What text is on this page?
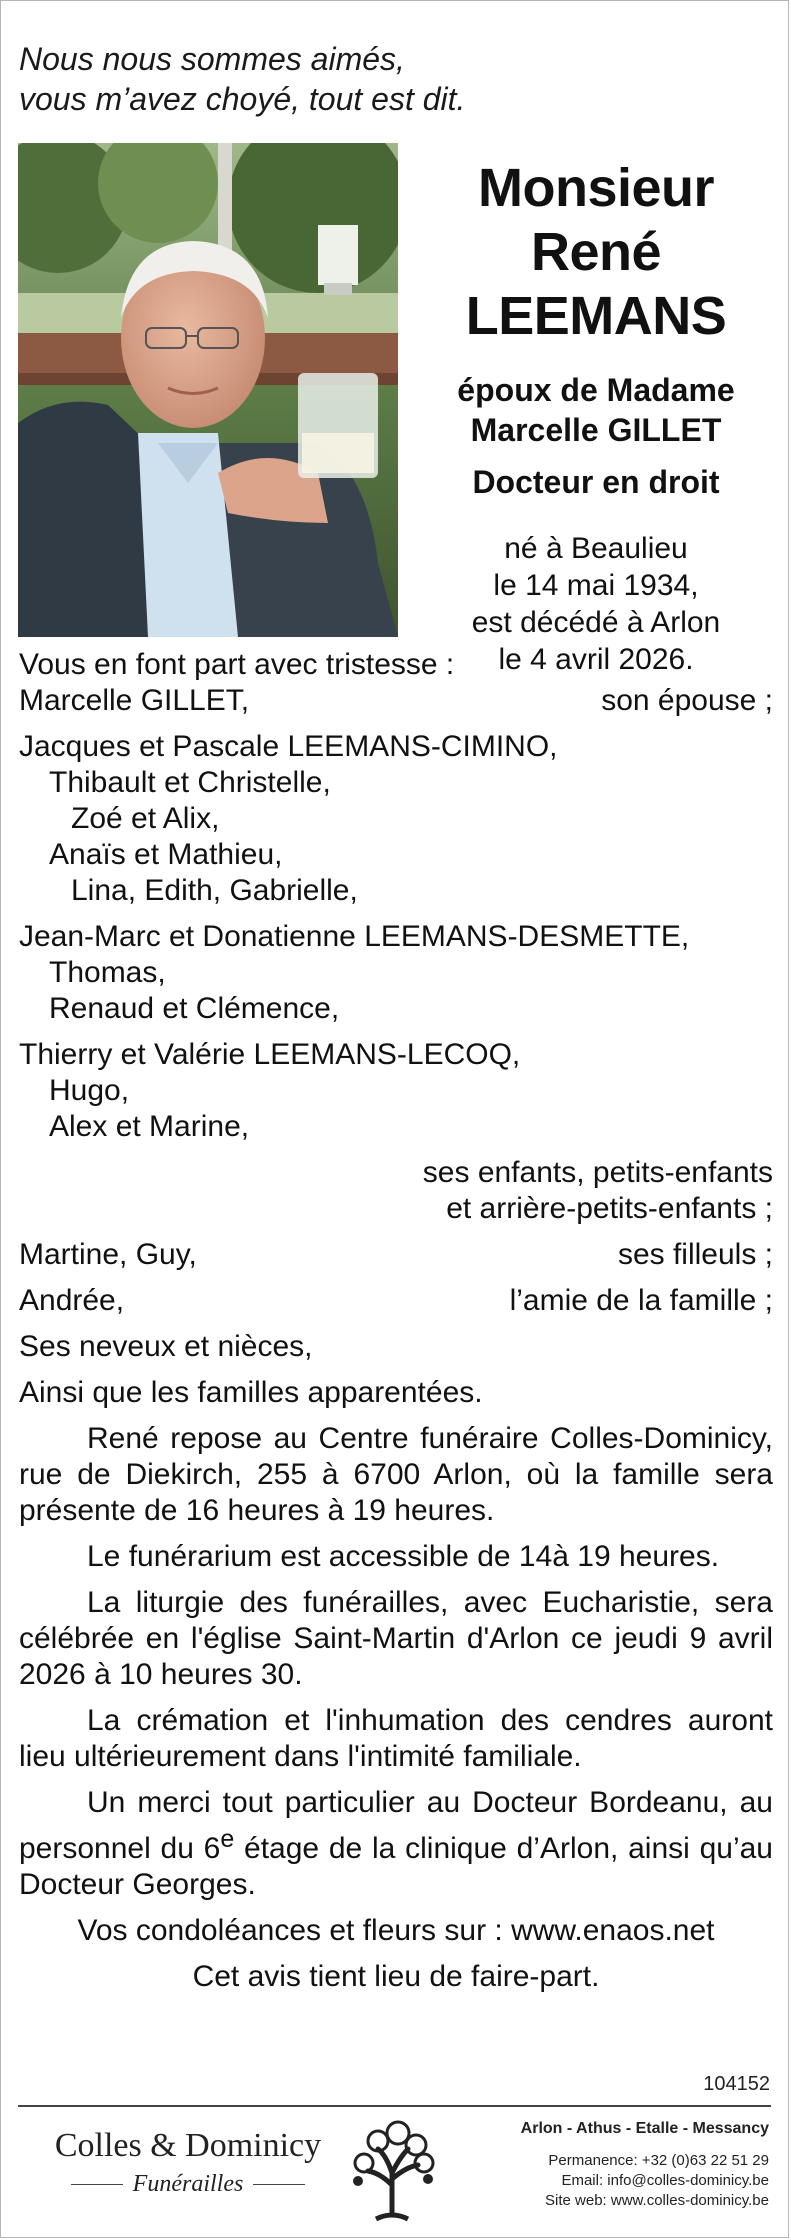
Nous nous sommes aimés,
vous m’avez choyé, tout est dit.
Monsieur
René LEEMANS
époux de Madame
Marcelle GILLET
Docteur en droit
né à Beaulieu
le 14 mai 1934,
est décédé à Arlon
le 4 avril 2026.
Vous en font part avec tristesse :
Marcelle GILLET,	son épouse ;
Jacques et Pascale LEEMANS-CIMINO,
Thibault et Christelle,
Zoé et Alix,
Anaïs et Mathieu,
Lina, Edith, Gabrielle,
Jean-Marc et Donatienne LEEMANS-DESMETTE,
Thomas,
Renaud et Clémence,
Thierry et Valérie LEEMANS-LECOQ,
Hugo,
Alex et Marine,
ses enfants, petits-enfants
et arrière-petits-enfants ;
Martine, Guy,	ses filleuls ;
Andrée,	l’amie de la famille ;
Ses neveux et nièces,
Ainsi que les familles apparentées.
René repose au Centre funéraire Colles-Dominicy, rue de Diekirch, 255 à 6700 Arlon, où la famille sera présente de 16 heures à 19 heures.
Le funérarium est accessible de 14à 19 heures.
La liturgie des funérailles, avec Eucharistie, sera célébrée en l'église Saint-Martin d'Arlon ce jeudi 9 avril 2026 à 10 heures 30.
La crémation et l'inhumation des cendres auront lieu ultérieurement dans l'intimité familiale.
Un merci tout particulier au Docteur Bordeanu, au personnel du 6e étage de la clinique d’Arlon, ainsi qu’au Docteur Georges.
Vos condoléances et fleurs sur : www.enaos.net
Cet avis tient lieu de faire-part.
104152
Colles & Dominicy
Funérailles
Arlon - Athus - Etalle - Messancy
Permanence: +32 (0)63 22 51 29
Email: info@colles-dominicy.be
Site web: www.colles-dominicy.be
